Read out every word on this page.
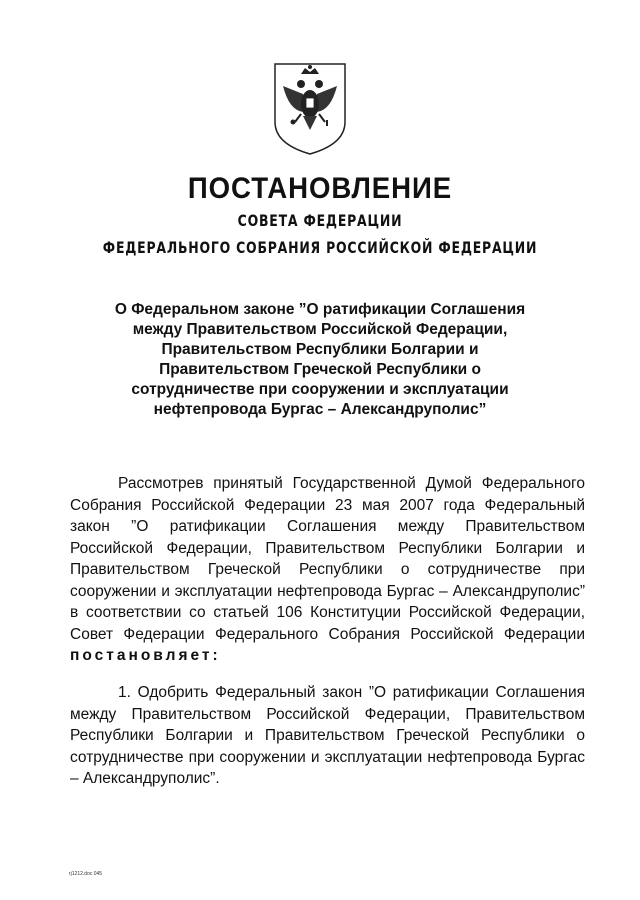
ПОСТАНОВЛЕНИЕ
СОВЕТА ФЕДЕРАЦИИ
ФЕДЕРАЛЬНОГО СОБРАНИЯ РОССИЙСКОЙ ФЕДЕРАЦИИ
О Федеральном законе ”О ратификации Соглашения
между Правительством Российской Федерации,
Правительством Республики Болгарии и
Правительством Греческой Республики о
сотрудничестве при сооружении и эксплуатации
нефтепровода Бургас – Александруполис”
Рассмотрев принятый Государственной Думой Федерального Собрания Российской Федерации 23 мая 2007 года Федеральный закон ”О ратификации Соглашения между Правительством Российской Федерации, Правительством Республики Болгарии и Правительством Греческой Республики о сотрудничестве при сооружении и эксплуатации нефтепровода Бургас – Александруполис” в соответствии со статьей 106 Конституции Российской Федерации, Совет Федерации Федерального Собрания Российской Федерации постановляет:
1. Одобрить Федеральный закон ”О ратификации Соглашения между Правительством Российской Федерации, Правительством Республики Болгарии и Правительством Греческой Республики о сотрудничестве при сооружении и эксплуатации нефтепровода Бургас – Александруполис”.
rj1212.doc 045
